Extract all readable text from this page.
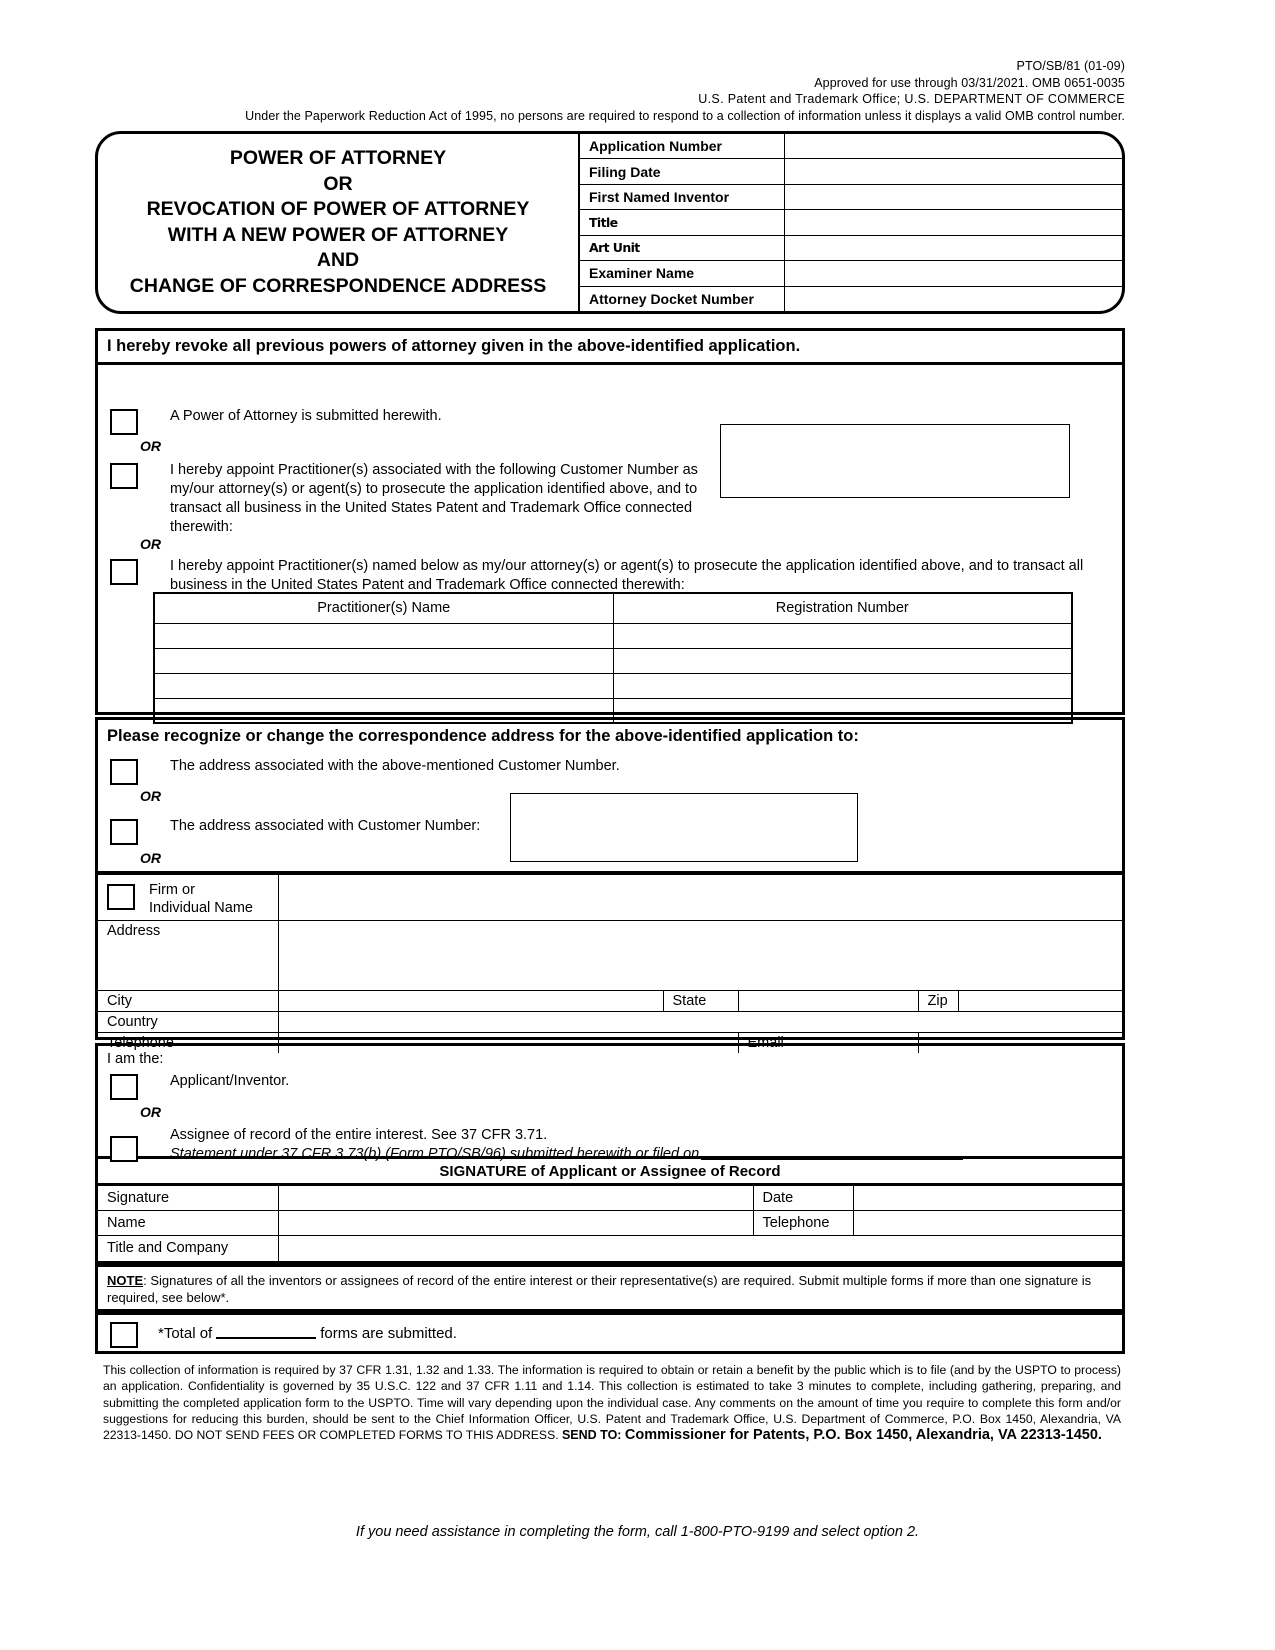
PTO/SB/81 (01-09)
Approved for use through 03/31/2021. OMB 0651-0035
U.S. Patent and Trademark Office; U.S. DEPARTMENT OF COMMERCE
Under the Paperwork Reduction Act of 1995, no persons are required to respond to a collection of information unless it displays a valid OMB control number.
POWER OF ATTORNEY
OR
REVOCATION OF POWER OF ATTORNEY
WITH A NEW POWER OF ATTORNEY
AND
CHANGE OF CORRESPONDENCE ADDRESS
Application Number
Filing Date
First Named Inventor
Title
Art Unit
Examiner Name
Attorney Docket Number
I hereby revoke all previous powers of attorney given in the above-identified application.
A Power of Attorney is submitted herewith.
OR
I hereby appoint Practitioner(s) associated with the following Customer Number as my/our attorney(s) or agent(s) to prosecute the application identified above, and to transact all business in the United States Patent and Trademark Office connected therewith:
OR
I hereby appoint Practitioner(s) named below as my/our attorney(s) or agent(s) to prosecute the application identified above, and to transact all business in the United States Patent and Trademark Office connected therewith:
Practitioner(s) Name	Registration Number

Please recognize or change the correspondence address for the above-identified application to:
The address associated with the above-mentioned Customer Number.
OR
The address associated with Customer Number:
OR
Firm or
Individual Name					

Address					
City		State		Zip	
Country					
Telephone			Email		
I am the:
Applicant/Inventor.
OR
Assignee of record of the entire interest. See 37 CFR 3.71.
Statement under 37 CFR 3.73(b) (Form PTO/SB/96) submitted herewith or filed on	.
SIGNATURE of Applicant or Assignee of Record
Signature		Date	
Name		Telephone	
Title and Company			
NOTE: Signatures of all the inventors or assignees of record of the entire interest or their representative(s) are required. Submit multiple forms if more than one signature is required, see below*.
*Total of	forms are submitted.
This collection of information is required by 37 CFR 1.31, 1.32 and 1.33. The information is required to obtain or retain a benefit by the public which is to file (and by the USPTO to process) an application. Confidentiality is governed by 35 U.S.C. 122 and 37 CFR 1.11 and 1.14. This collection is estimated to take 3 minutes to complete, including gathering, preparing, and submitting the completed application form to the USPTO. Time will vary depending upon the individual case. Any comments on the amount of time you require to complete this form and/or suggestions for reducing this burden, should be sent to the Chief Information Officer, U.S. Patent and Trademark Office, U.S. Department of Commerce, P.O. Box 1450, Alexandria, VA 22313-1450. DO NOT SEND FEES OR COMPLETED FORMS TO THIS ADDRESS. SEND TO: Commissioner for Patents, P.O. Box 1450, Alexandria, VA 22313-1450.
If you need assistance in completing the form, call 1-800-PTO-9199 and select option 2.
